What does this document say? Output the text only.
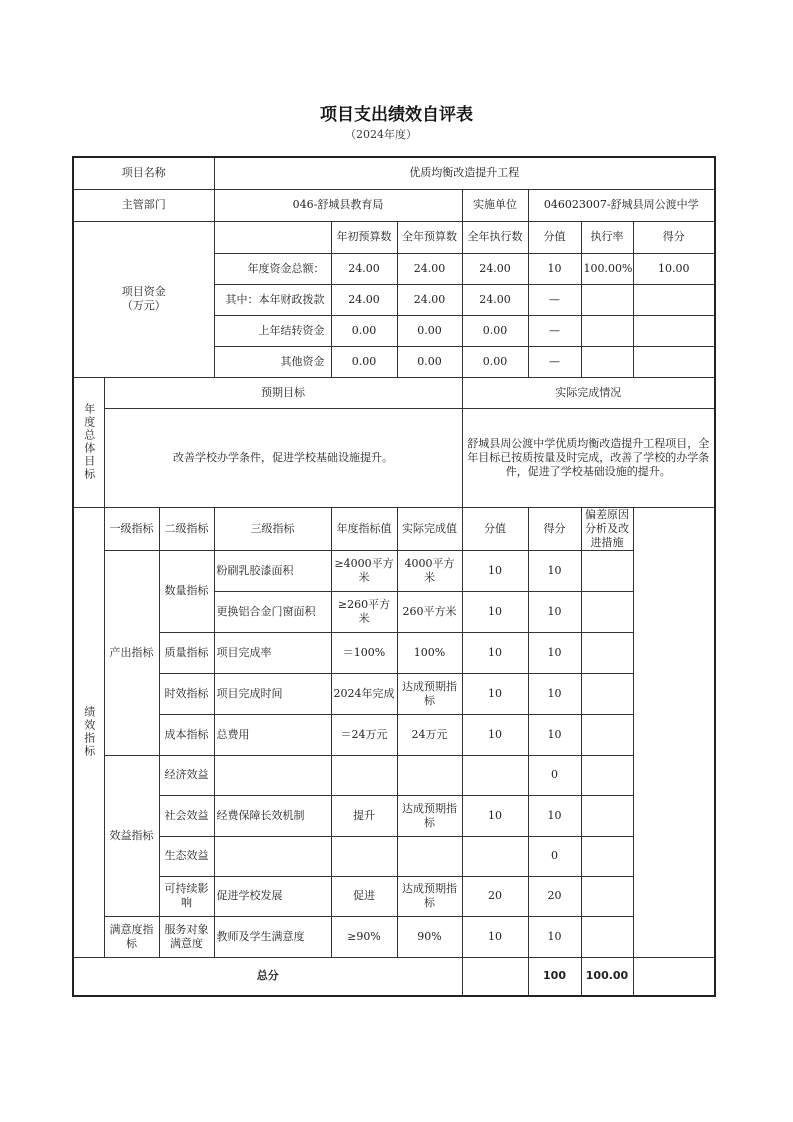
项目支出绩效自评表
（2024年度）
项目名称			优质均衡改造提升工程						
主管部门			046-舒城县教育局			实施单位	046023007-舒城县周公渡中学		
项目资金
（万元）				年初预算数	全年预算数	全年执行数	分值	执行率	得分
			年度资金总额：	24.00	24.00	24.00	10	100.00%	10.00
			其中：本年财政拨款	24.00	24.00	24.00	—		
			上年结转资金	0.00	0.00	0.00	—		
			其他资金	0.00	0.00	0.00	—		
年度总体目标	预期目标					实际完成情况			
	改善学校办学条件，促进学校基础设施提升。					舒城县周公渡中学优质均衡改造提升工程项目，全年目标已按质按量及时完成，改善了学校的办学条件，促进了学校基础设施的提升。			
绩效指标	一级指标	二级指标	三级指标	年度指标值	实际完成值	分值	得分	偏差原因分析及改进措施	
	产出指标	数量指标	粉刷乳胶漆面积	≥4000平方米	4000平方米	10	10		
			更换铝合金门窗面积	≥260平方米	260平方米	10	10		
		质量指标	项目完成率	＝100%	100%	10	10		
		时效指标	项目完成时间	2024年完成	达成预期指标	10	10		
		成本指标	总费用	＝24万元	24万元	10	10		
	效益指标	经济效益					0		
		社会效益	经费保障长效机制	提升	达成预期指标	10	10		
		生态效益					0		
		可持续影响	促进学校发展	促进	达成预期指标	20	20		
	满意度指标	服务对象满意度	教师及学生满意度	≥90%	90%	10	10		
总分							100	100.00	
